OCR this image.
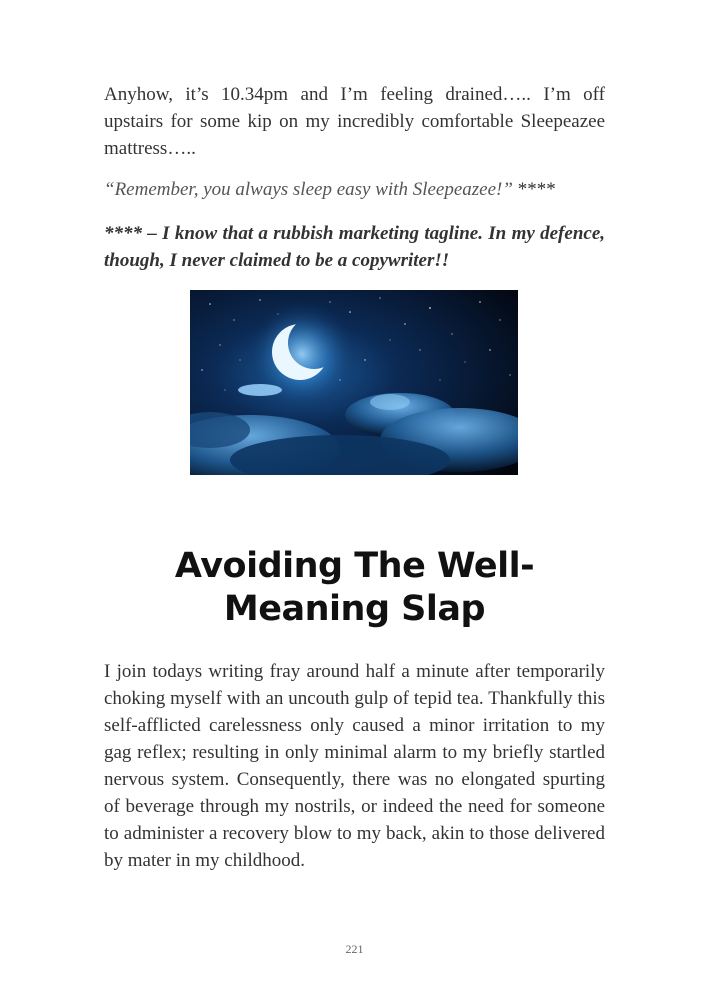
Anyhow, it’s 10.34pm and I’m feeling drained….. I’m off upstairs for some kip on my incredibly comfortable Sleepeazee mattress…..

“Remember, you always sleep easy with Sleepeazee!” ****

**** – I know that a rubbish marketing tagline. In my defence, though, I never claimed to be a copywriter!!

Avoiding The Well-Meaning Slap

I join todays writing fray around half a minute after temporarily choking myself with an uncouth gulp of tepid tea. Thankfully this self-afflicted carelessness only caused a minor irritation to my gag reflex; resulting in only minimal alarm to my briefly startled nervous system. Consequently, there was no elongated spurting of beverage through my nostrils, or indeed the need for someone to administer a recovery blow to my back, akin to those delivered by mater in my childhood.

221
